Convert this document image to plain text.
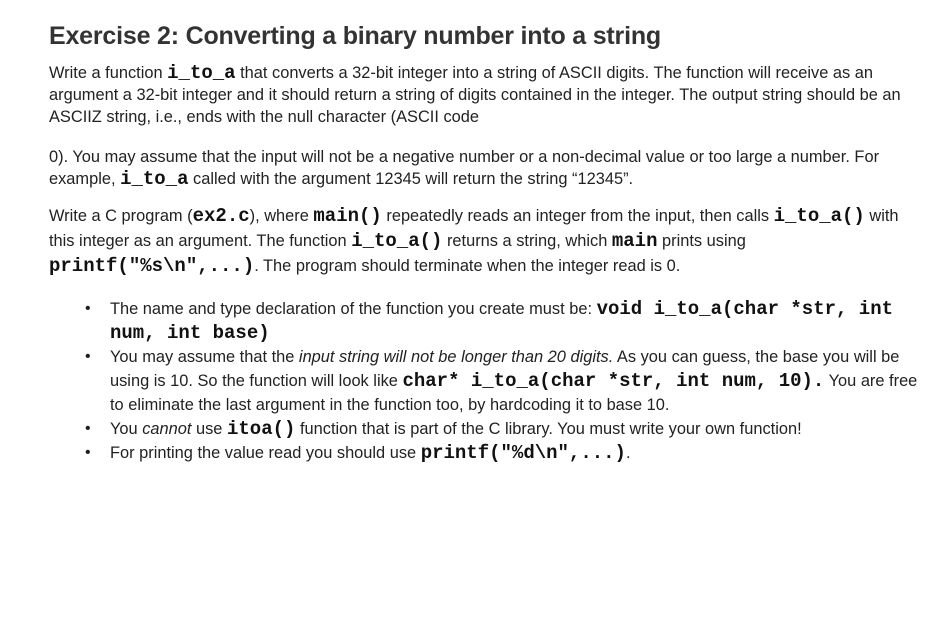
Exercise 2: Converting a binary number into a string

Write a function i_to_a that converts a 32-bit integer into a string of ASCII digits. The function will receive as an argument a 32-bit integer and it should return a string of digits contained in the integer. The output string should be an ASCIIZ string, i.e., ends with the null character (ASCII code

0). You may assume that the input will not be a negative number or a non-decimal value or too large a number. For example, i_to_a called with the argument 12345 will return the string “12345”.

Write a C program (ex2.c), where main() repeatedly reads an integer from the input, then calls i_to_a() with this integer as an argument. The function i_to_a() returns a string, which main prints using printf("%s\n",...). The program should terminate when the integer read is 0.

• The name and type declaration of the function you create must be: void i_to_a(char *str, int num, int base)
• You may assume that the input string will not be longer than 20 digits. As you can guess, the base you will be using is 10. So the function will look like char* i_to_a(char *str, int num, 10). You are free to eliminate the last argument in the function too, by hardcoding it to base 10.
• You cannot use itoa() function that is part of the C library. You must write your own function!
• For printing the value read you should use printf("%d\n",...).
